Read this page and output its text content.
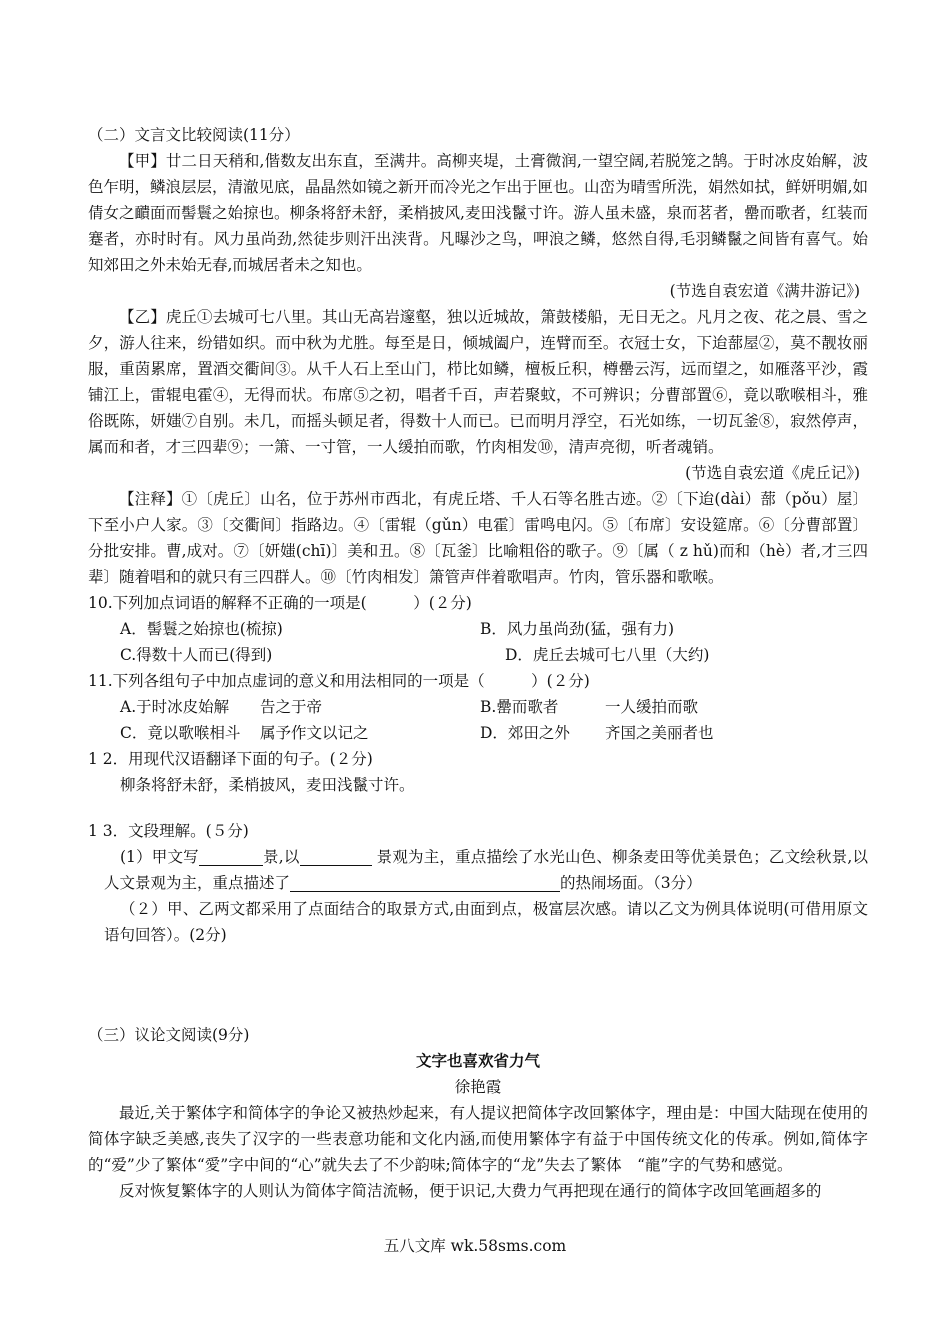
（二）文言文比较阅读(11分）
【甲】廿二日天稍和,偕数友出东直，至满井。高柳夹堤，土膏微润,一望空阔,若脱笼之鹄。于时冰皮始解，波色乍明，鳞浪层层，清澈见底，晶晶然如镜之新开而冷光之乍出于匣也。山峦为晴雪所洗，娟然如拭，鲜妍明媚,如倩女之靧面而髻鬟之始掠也。柳条将舒未舒，柔梢披风,麦田浅鬣寸许。游人虽未盛，泉而茗者，罍而歌者，红装而蹇者，亦时时有。风力虽尚劲,然徒步则汗出浃背。凡曝沙之鸟，呷浪之鳞，悠然自得,毛羽鳞鬣之间皆有喜气。始知郊田之外未始无春,而城居者未之知也。
(节选自袁宏道《满井游记》)
【乙】虎丘①去城可七八里。其山无高岩邃壑，独以近城故，箫鼓楼船，无日无之。凡月之夜、花之晨、雪之夕，游人往来，纷错如织。而中秋为尤胜。每至是日，倾城阖户，连臂而至。衣冠士女，下迨蔀屋②，莫不靓妆丽服，重茵累席，置酒交衢间③。从千人石上至山门，栉比如鳞，檀板丘积，樽罍云泻，远而望之，如雁落平沙，霞铺江上，雷辊电霍④，无得而状。布席⑤之初，唱者千百，声若聚蚊，不可辨识；分曹部置⑥，竟以歌喉相斗，雅俗既陈，妍媸⑦自别。未几，而摇头顿足者，得数十人而已。已而明月浮空，石光如练，一切瓦釜⑧，寂然停声，属而和者，才三四辈⑨；一箫、一寸管，一人缓拍而歌，竹肉相发⑩，清声亮彻，听者魂销。
(节选自袁宏道《虎丘记》)
【注释】①〔虎丘〕山名，位于苏州市西北，有虎丘塔、千人石等名胜古迹。②〔下迨(dài）蔀（pǒu）屋〕下至小户人家。③〔交衢间〕指路边。④〔雷辊（gǔn）电霍〕雷鸣电闪。⑤〔布席〕安设筵席。⑥〔分曹部置〕分批安排。曹,成对。⑦〔妍媸(chī)〕美和丑。⑧〔瓦釜〕比喻粗俗的歌子。⑨〔属（ z hǔ)而和（hè）者,才三四辈〕随着唱和的就只有三四群人。⑩〔竹肉相发〕箫管声伴着歌唱声。竹肉，管乐器和歌喉。
10.下列加点词语的解释不正确的一项是(　　　）(２分)
A．髻鬟之始掠也(梳掠)	B．风力虽尚劲(猛，强有力)
C.得数十人而已(得到)	D．虎丘去城可七八里（大约)
11.下列各组句子中加点虚词的意义和用法相同的一项是（　　　）(２分)
A.于时冰皮始解	告之于帝	B.罍而歌者	一人缓拍而歌
C．竟以歌喉相斗	属予作文以记之	D．郊田之外	齐国之美丽者也
1 2．用现代汉语翻译下面的句子。(２分)
柳条将舒未舒，柔梢披风，麦田浅鬣寸许。
1 3．文段理解。(５分)
(1）甲文写	景,以	景观为主，重点描绘了水光山色、柳条麦田等优美景色；乙文绘秋景,以人文景观为主，重点描述了	的热闹场面。（3分）
（２）甲、乙两文都采用了点面结合的取景方式,由面到点，极富层次感。请以乙文为例具体说明(可借用原文语句回答）。(2分)
（三）议论文阅读(9分)
文字也喜欢省力气
徐艳霞
最近,关于繁体字和简体字的争论又被热炒起来，有人提议把简体字改回繁体字，理由是：中国大陆现在使用的简体字缺乏美感,丧失了汉字的一些表意功能和文化内涵,而使用繁体字有益于中国传统文化的传承。例如,简体字的“爱”少了繁体“愛”字中间的“心”就失去了不少韵味;简体字的“龙”失去了繁体　“龍”字的气势和感觉。
反对恢复繁体字的人则认为简体字简洁流畅，便于识记,大费力气再把现在通行的简体字改回笔画超多的
五八文库 wk.58sms.com
